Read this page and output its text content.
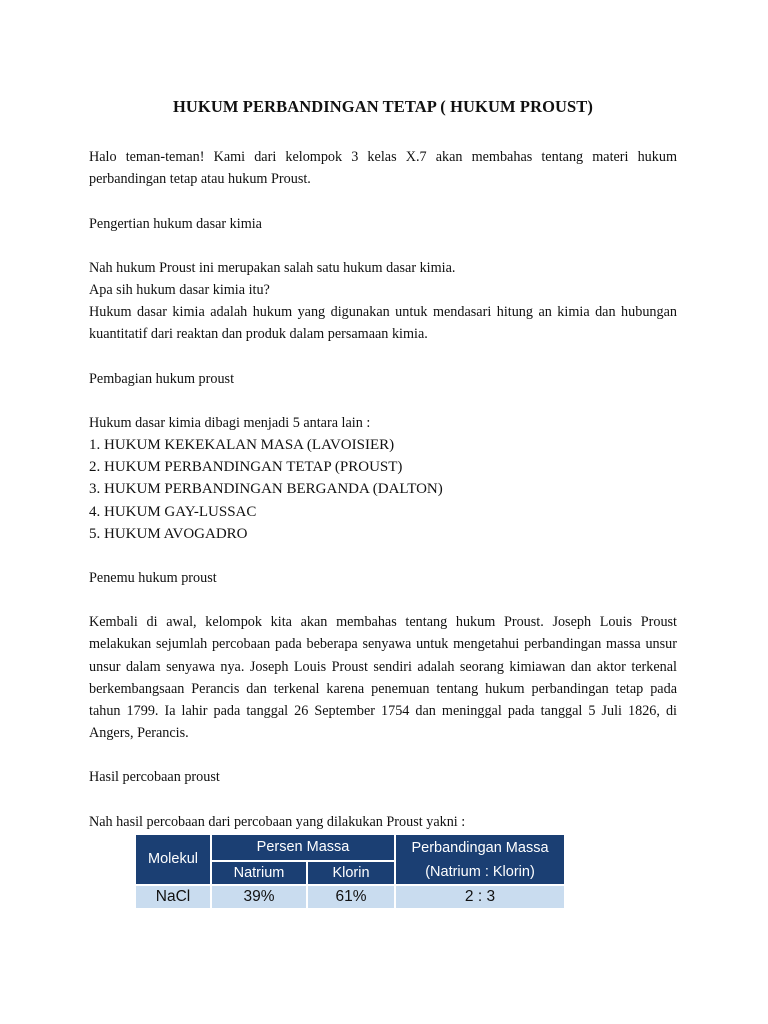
HUKUM PERBANDINGAN TETAP ( HUKUM PROUST)

Halo teman-teman! Kami dari kelompok 3 kelas X.7 akan membahas tentang materi hukum perbandingan tetap atau hukum Proust.

Pengertian hukum dasar kimia

Nah hukum Proust ini merupakan salah satu hukum dasar kimia.

Apa sih hukum dasar kimia itu?

Hukum dasar kimia adalah hukum yang digunakan untuk mendasari hitung an kimia dan hubungan kuantitatif dari reaktan dan produk dalam persamaan kimia.

Pembagian hukum proust

Hukum dasar kimia dibagi menjadi 5 antara lain :

1. HUKUM KEKEKALAN MASA (LAVOISIER)

2. HUKUM PERBANDINGAN TETAP (PROUST)

3. HUKUM PERBANDINGAN BERGANDA (DALTON)

4. HUKUM GAY-LUSSAC

5. HUKUM AVOGADRO

Penemu hukum proust

Kembali di awal, kelompok kita akan membahas tentang hukum Proust. Joseph Louis Proust melakukan sejumlah percobaan pada beberapa senyawa untuk mengetahui perbandingan massa unsur unsur dalam senyawa nya. Joseph Louis Proust sendiri adalah seorang kimiawan dan aktor terkenal berkembangsaan Perancis dan terkenal karena penemuan tentang hukum perbandingan tetap pada tahun 1799. Ia lahir pada tanggal 26 September 1754 dan meninggal pada tanggal 5 Juli 1826, di Angers, Perancis.

Hasil percobaan proust

Nah hasil percobaan dari percobaan yang dilakukan Proust yakni :

Molekul	Persen Massa		Perbandingan Massa
	Natrium	Klorin	(Natrium : Klorin)
NaCl	39%	61%	2 : 3
